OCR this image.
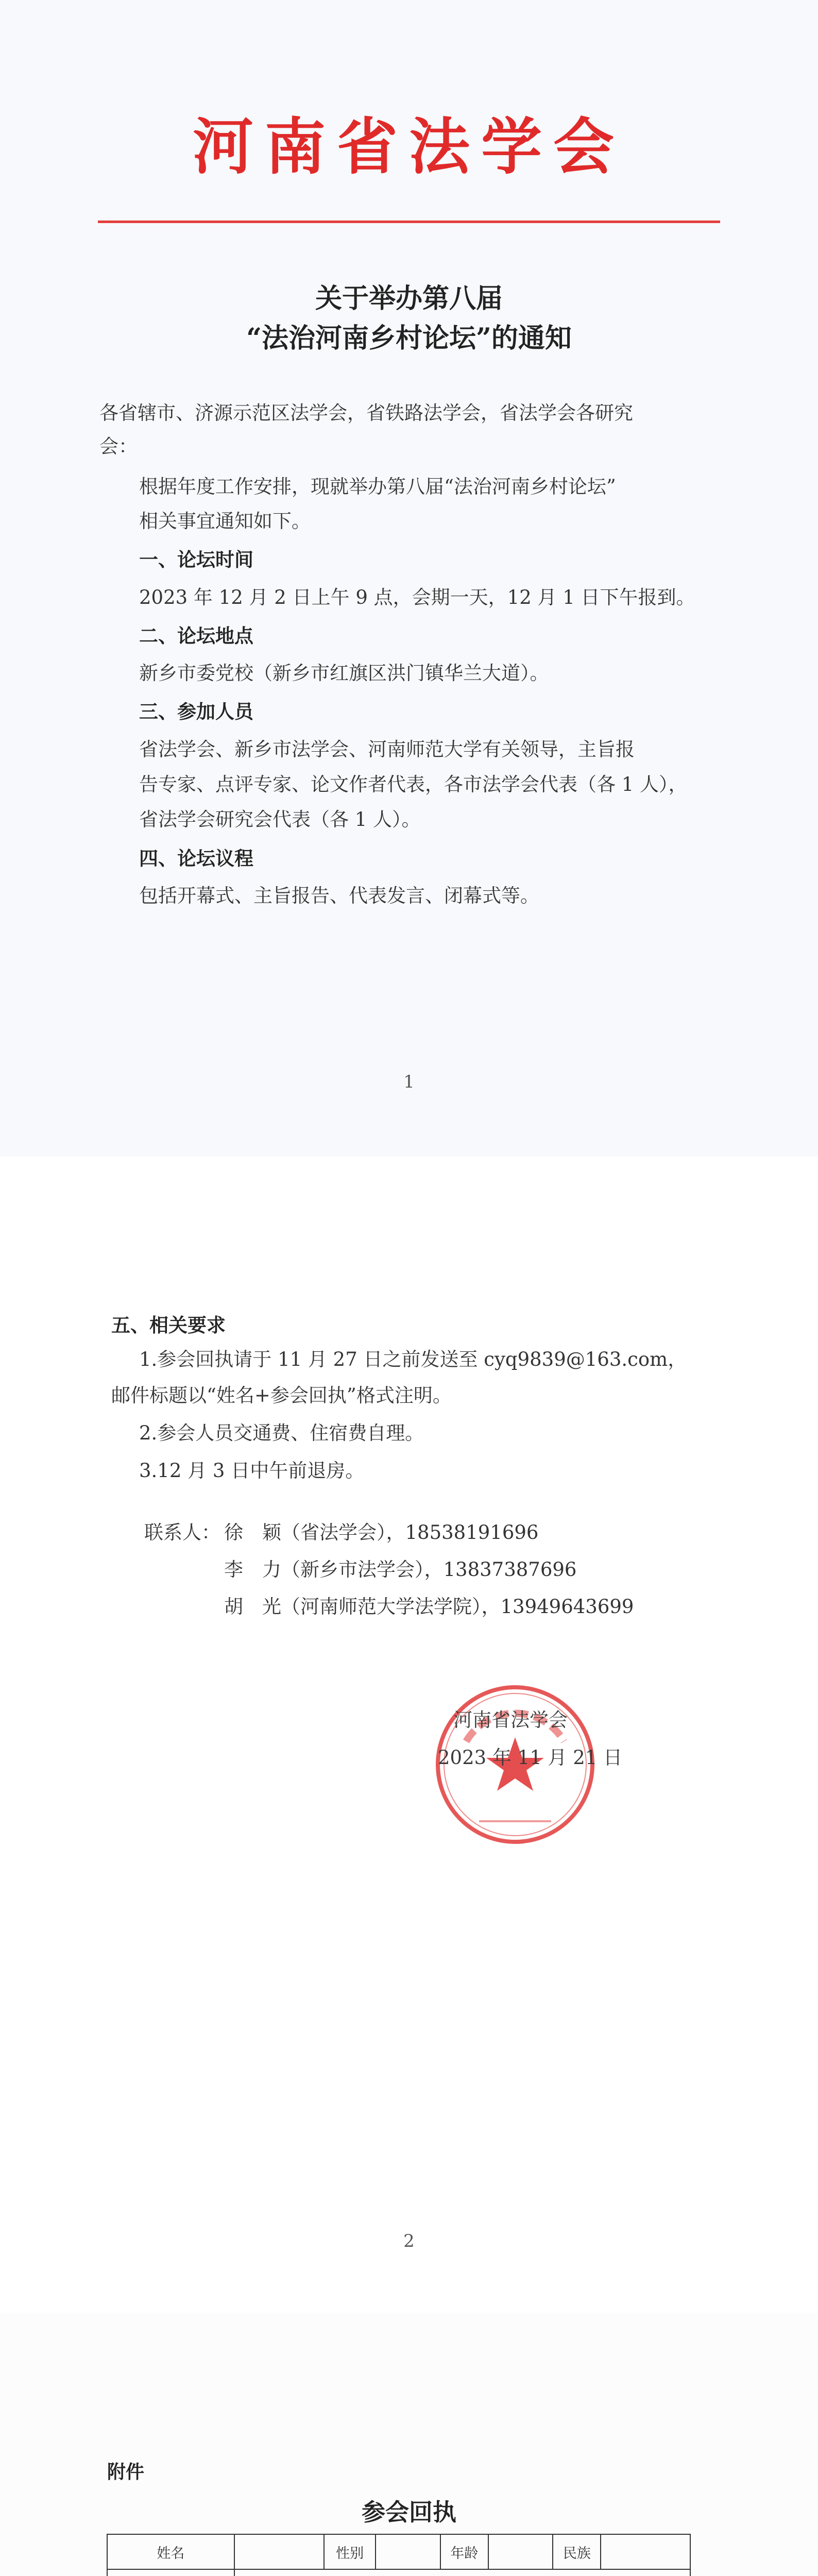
河南省法学会
关于举办第八届
“法治河南乡村论坛”的通知
各省辖市、济源示范区法学会，省铁路法学会，省法学会各研究
会：
根据年度工作安排，现就举办第八届“法治河南乡村论坛”
相关事宜通知如下。
一、论坛时间
2023 年 12 月 2 日上午 9 点，会期一天，12 月 1 日下午报到。
二、论坛地点
新乡市委党校（新乡市红旗区洪门镇华兰大道）。
三、参加人员
省法学会、新乡市法学会、河南师范大学有关领导，主旨报
告专家、点评专家、论文作者代表，各市法学会代表（各 1 人），
省法学会研究会代表（各 1 人）。
四、论坛议程
包括开幕式、主旨报告、代表发言、闭幕式等。
1
五、相关要求
1.参会回执请于 11 月 27 日之前发送至 cyq9839@163.com，
邮件标题以“姓名+参会回执”格式注明。
2.参会人员交通费、住宿费自理。
3.12 月 3 日中午前退房。
联系人： 徐　颖（省法学会），18538191696
李　力（新乡市法学会），13837387696
胡　光（河南师范大学法学院），13949643699
河南省法学会
2023 年 11 月 21 日
2
附件
参会回执
姓名		性别		年龄		民族	
